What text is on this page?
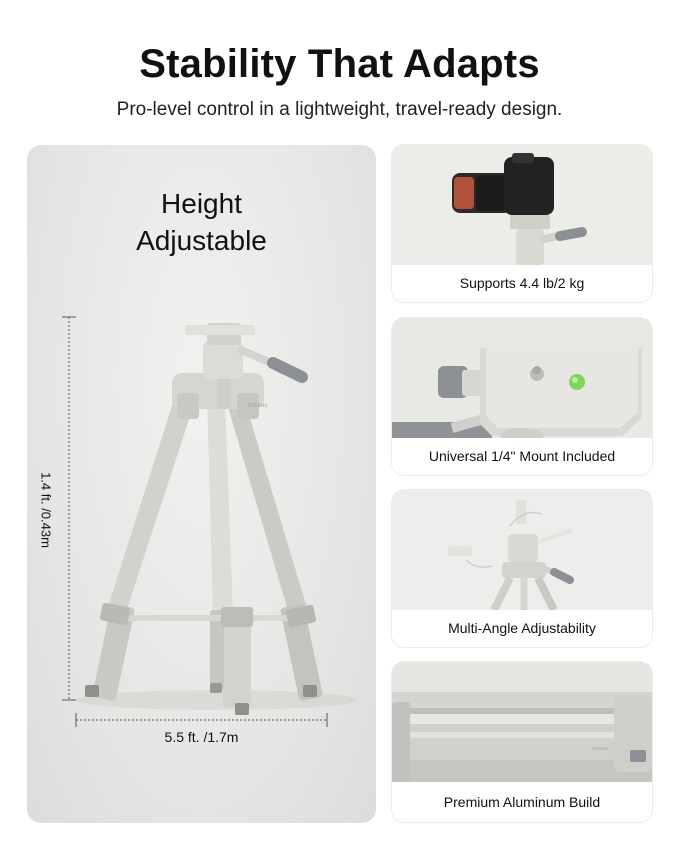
Stability That Adapts
Pro-level control in a lightweight, travel-ready design.
Height
Adjustable
baseus
1.4 ft. /0.43m
5.5 ft. /1.7m
Supports 4.4 lb/2 kg
Universal 1/4" Mount Included
Multi-Angle Adjustability
baseus
Premium Aluminum Build
